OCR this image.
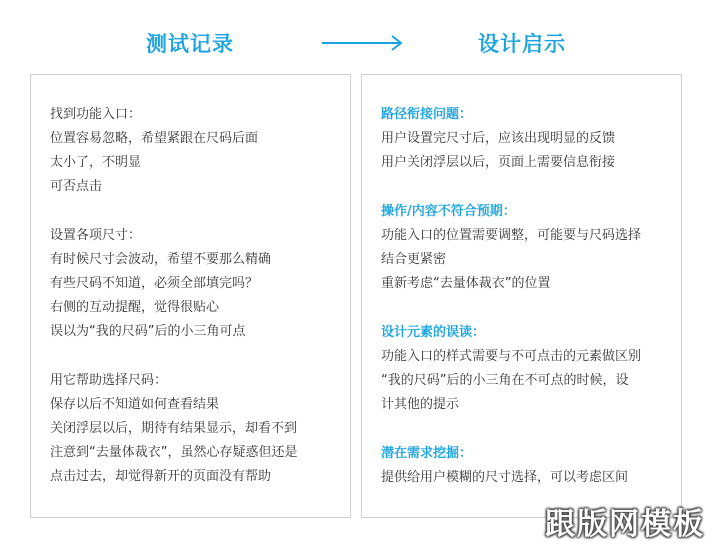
测试记录	设计启示
找到功能入口：
位置容易忽略，希望紧跟在尺码后面
太小了，不明显
可否点击
设置各项尺寸：
有时候尺寸会波动，希望不要那么精确
有些尺码不知道，必须全部填完吗？
右侧的互动提醒，觉得很贴心
误以为“我的尺码”后的小三角可点
用它帮助选择尺码：
保存以后不知道如何查看结果
关闭浮层以后，期待有结果显示，却看不到
注意到“去量体裁衣”，虽然心存疑惑但还是
点击过去，却觉得新开的页面没有帮助
路径衔接问题：
用户设置完尺寸后，应该出现明显的反馈
用户关闭浮层以后，页面上需要信息衔接
操作/内容不符合预期：
功能入口的位置需要调整，可能要与尺码选择
结合更紧密
重新考虑“去量体裁衣”的位置
设计元素的误读：
功能入口的样式需要与不可点击的元素做区别
“我的尺码”后的小三角在不可点的时候，设
计其他的提示
潜在需求挖掘：
提供给用户模糊的尺寸选择，可以考虑区间
跟版网模板
